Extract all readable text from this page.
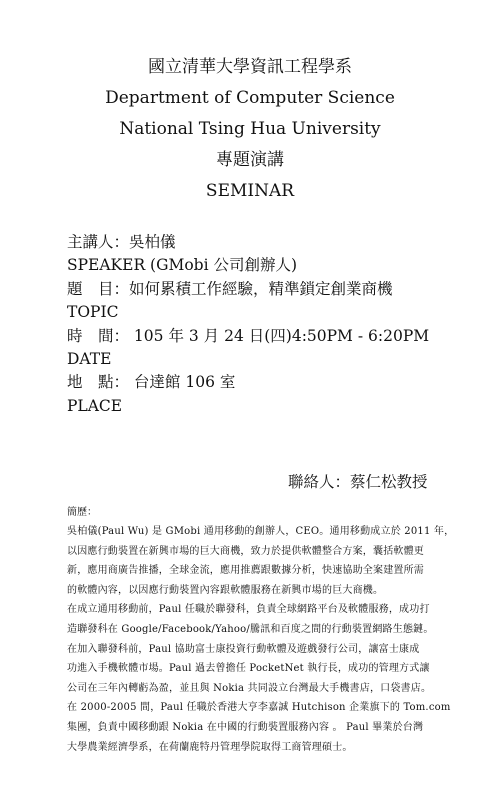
國立清華大學資訊工程學系
Department of Computer Science
National Tsing Hua University
專題演講
SEMINAR
主講人：吳柏儀
SPEAKER (GMobi 公司創辦人)
題　目：如何累積工作經驗，精準鎖定創業商機
TOPIC
時　間： 105 年 3 月 24 日(四)4:50PM - 6:20PM
DATE
地　點： 台達館 106 室
PLACE
聯絡人：蔡仁松教授
簡歷：
吳柏儀(Paul Wu) 是 GMobi 通用移動的創辦人，CEO。通用移動成立於 2011 年，
以因應行動裝置在新興市場的巨大商機，致力於提供軟體整合方案，囊括軟體更
新，應用商廣告推播，全球金流，應用推薦跟數據分析，快速協助全案建置所需
的軟體內容，以因應行動裝置內容跟軟體服務在新興市場的巨大商機。
在成立通用移動前，Paul 任職於聯發科，負責全球網路平台及軟體服務，成功打
造聯發科在 Google/Facebook/Yahoo/騰訊和百度之間的行動裝置網路生態鏈。
在加入聯發科前，Paul 協助富士康投資行動軟體及遊戲發行公司，讓富士康成
功進入手機軟體市場。Paul 過去曾擔任 PocketNet 執行長，成功的管理方式讓
公司在三年內轉虧為盈，並且與 Nokia 共同設立台灣最大手機書店，口袋書店。
在 2000-2005 間，Paul 任職於香港大亨李嘉誠 Hutchison 企業旗下的 Tom.com
集團，負責中國移動跟 Nokia 在中國的行動裝置服務內容 。 Paul 畢業於台灣
大學農業經濟學系，在荷蘭鹿特丹管理學院取得工商管理碩士。
